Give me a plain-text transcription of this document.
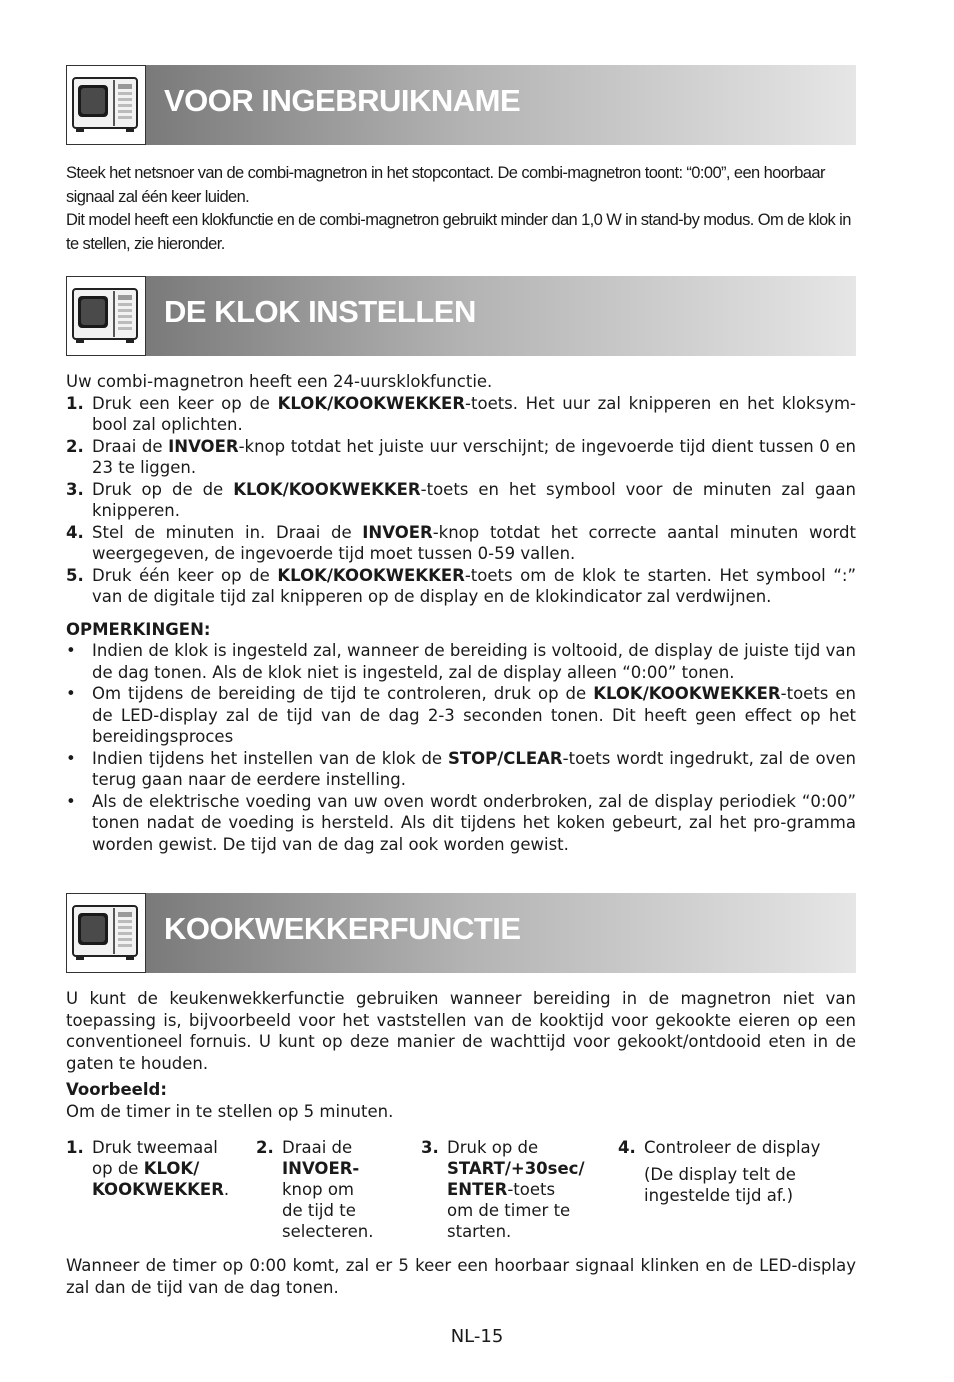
VOOR INGEBRUIKNAME

Steek het netsnoer van de combi-magnetron in het stopcontact. De combi-magnetron toont: “0:00”, een hoorbaar signaal zal één keer luiden.

Dit model heeft een klokfunctie en de combi-magnetron gebruikt minder dan 1,0 W in stand-by modus. Om de klok in te stellen, zie hieronder.

DE KLOK INSTELLEN

Uw combi-magnetron heeft een 24-uursklokfunctie.

1. Druk een keer op de KLOK/KOOKWEKKER-toets. Het uur zal knipperen en het kloksym-bool zal oplichten.
2. Draai de INVOER-knop totdat het juiste uur verschijnt; de ingevoerde tijd dient tussen 0 en 23 te liggen.
3. Druk op de de KLOK/KOOKWEKKER-toets en het symbool voor de minuten zal gaan knipperen.
4. Stel de minuten in. Draai de INVOER-knop totdat het correcte aantal minuten wordt weergegeven, de ingevoerde tijd moet tussen 0-59 vallen.
5. Druk één keer op de KLOK/KOOKWEKKER-toets om de klok te starten. Het symbool “:” van de digitale tijd zal knipperen op de display en de klokindicator zal verdwijnen.

OPMERKINGEN:

• Indien de klok is ingesteld zal, wanneer de bereiding is voltooid, de display de juiste tijd van de dag tonen. Als de klok niet is ingesteld, zal de display alleen “0:00” tonen.
• Om tijdens de bereiding de tijd te controleren, druk op de KLOK/KOOKWEKKER-toets en de LED-display zal de tijd van de dag 2-3 seconden tonen. Dit heeft geen effect op het bereidingsproces
• Indien tijdens het instellen van de klok de STOP/CLEAR-toets wordt ingedrukt, zal de oven terug gaan naar de eerdere instelling.
• Als de elektrische voeding van uw oven wordt onderbroken, zal de display periodiek “0:00” tonen nadat de voeding is hersteld. Als dit tijdens het koken gebeurt, zal het pro-gramma worden gewist. De tijd van de dag zal ook worden gewist.
KOOKWEKKERFUNCTIE

U kunt de keukenwekkerfunctie gebruiken wanneer bereiding in de magnetron niet van toepassing is, bijvoorbeeld voor het vaststellen van de kooktijd voor gekookte eieren op een conventioneel fornuis. U kunt op deze manier de wachttijd voor gekookt/ontdooid eten in de gaten te houden.

Voorbeeld:

Om de timer in te stellen op 5 minuten.

1. Druk tweemaal
op de KLOK/
KOOKWEKKER.
2. Draai de
INVOER-
knop om
de tijd te
selecteren.
3. Druk op de
START/+30sec/
ENTER-toets
om de timer te
starten.
4. Controleer de display
(De display telt de
ingestelde tijd af.)

Wanneer de timer op 0:00 komt, zal er 5 keer een hoorbaar signaal klinken en de LED-display zal dan de tijd van de dag tonen.

NL-15
